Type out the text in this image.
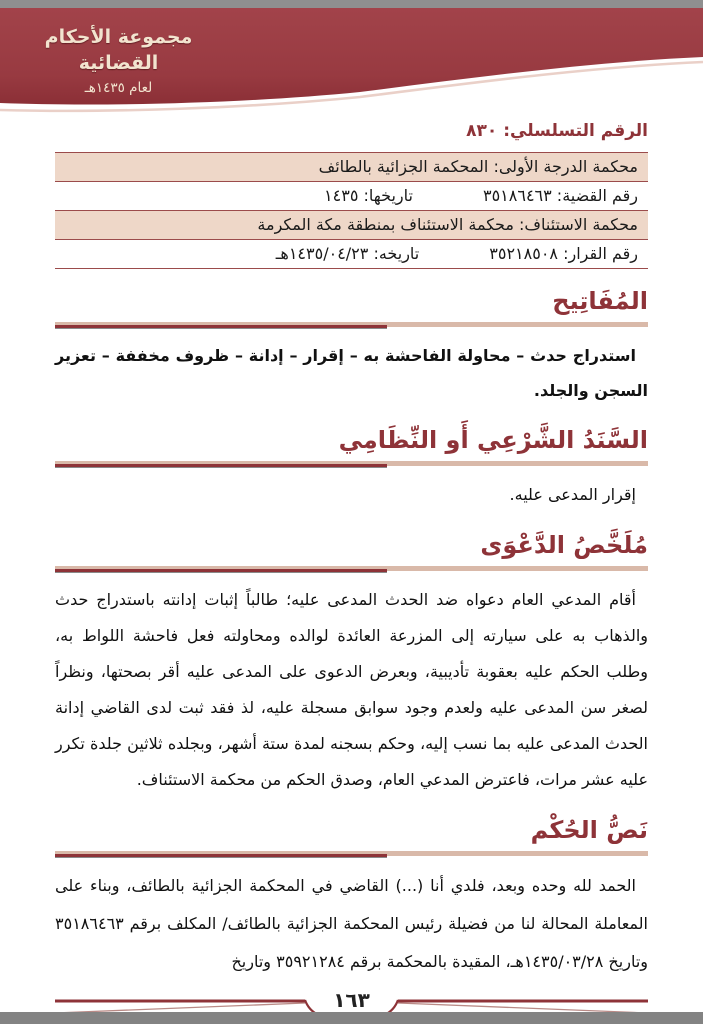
مجموعة الأحكام القضائية
لعام ١٤٣٥هـ
الرقم التسلسلي: ٨٣٠
محكمة الدرجة الأولى: المحكمة الجزائية بالطائف
رقم القضية: ٣٥١٨٦٤٦٣
تاريخها: ١٤٣٥
محكمة الاستئناف: محكمة الاستئناف بمنطقة مكة المكرمة
رقم القرار: ٣٥٢١٨٥٠٨
تاريخه: ٢٣‏/‏٠٤‏/‏١٤٣٥هـ
المُفَاتِيح

استدراج حدث – محاولة الفاحشة به – إقرار – إدانة – ظروف مخففة – تعزير السجن والجلد.

السَّنَدُ الشَّرْعِي أَو النِّظَامِي

إقرار المدعى عليه.

مُلَخَّصُ الدَّعْوَى

أقام المدعي العام دعواه ضد الحدث المدعى عليه؛ طالباً إثبات إدانته باستدراج حدث والذهاب به على سيارته إلى المزرعة العائدة لوالده ومحاولته فعل فاحشة اللواط به، وطلب الحكم عليه بعقوبة تأديبية، وبعرض الدعوى على المدعى عليه أقر بصحتها، ونظراً لصغر سن المدعى عليه ولعدم وجود سوابق مسجلة عليه، لذ فقد ثبت لدى القاضي إدانة الحدث المدعى عليه بما نسب إليه، وحكم بسجنه لمدة ستة أشهر، وبجلده ثلاثين جلدة تكرر عليه عشر مرات، فاعترض المدعي العام، وصدق الحكم من محكمة الاستئناف.

نَصُّ الحُكْم

الحمد لله وحده وبعد، فلدي أنا (...) القاضي في المحكمة الجزائية بالطائف، وبناء على المعاملة المحالة لنا من فضيلة رئيس المحكمة الجزائية بالطائف/ المكلف برقم ٣٥١٨٦٤٦٣ وتاريخ ٢٨‏/‏٠٣‏/‏١٤٣٥هـ، المقيدة بالمحكمة برقم ٣٥٩٢١٢٨٤ وتاريخ

١٦٣
